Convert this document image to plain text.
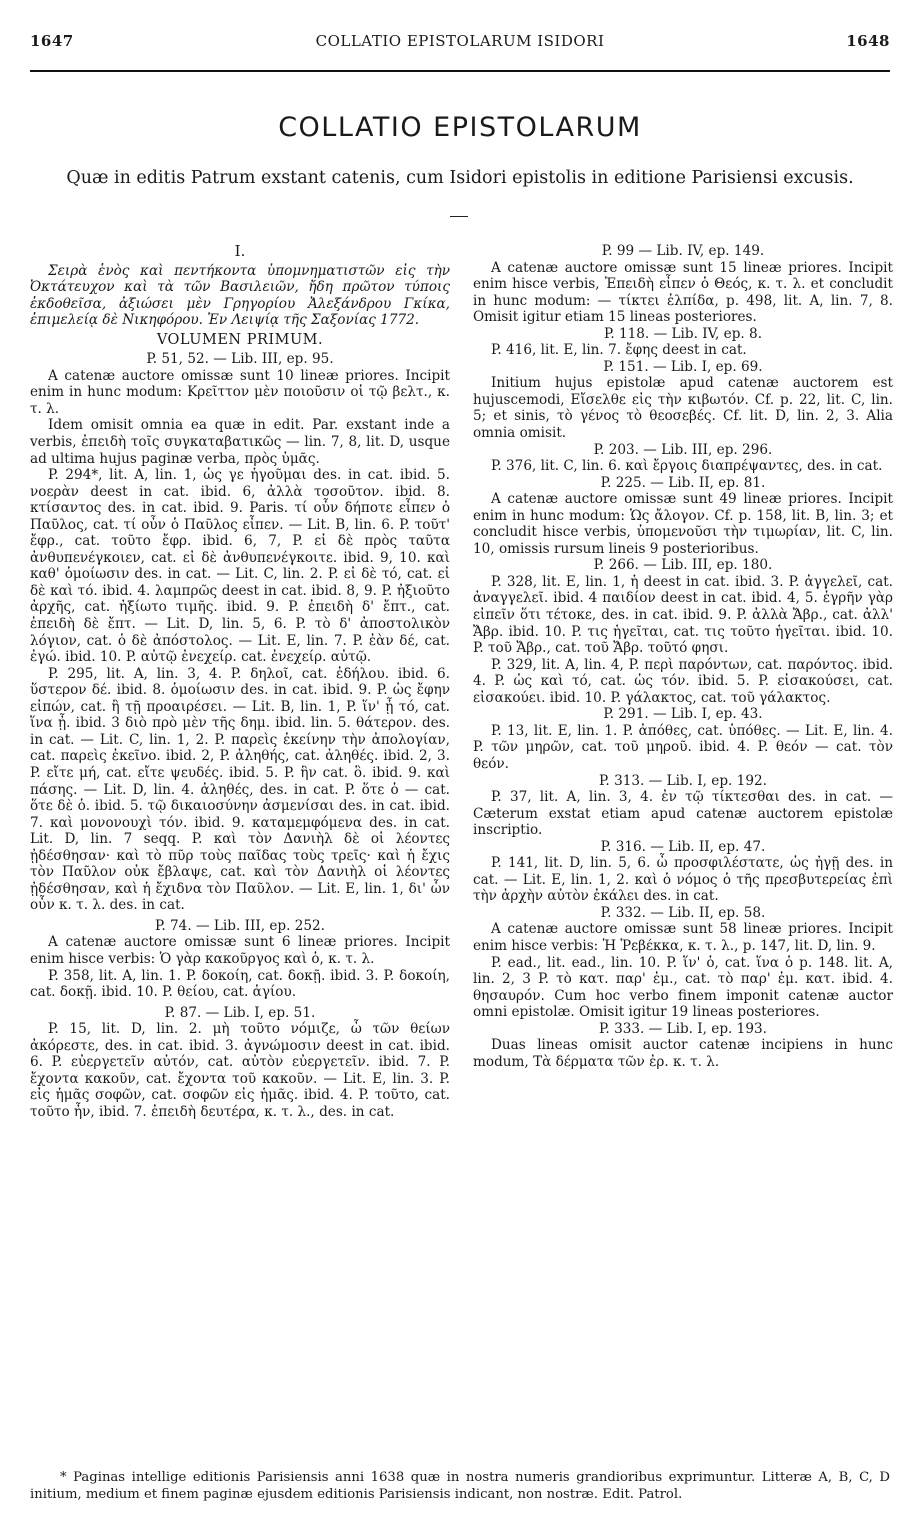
1647	COLLATIO EPISTOLARUM ISIDORI	1648
COLLATIO EPISTOLARUM
Quæ in editis Patrum exstant catenis, cum Isidori epistolis in editione Parisiensi excusis.

I.

Σειρὰ ἑνὸς καὶ πεντήκοντα ὑπομνηματιστῶν εἰς τὴν Ὀκτάτευχον καὶ τὰ τῶν Βασιλειῶν, ἤδη πρῶτον τύποις ἐκδοθεῖσα, ἀξιώσει μὲν Γρηγορίου Ἀλεξάνδρου Γκίκα, ἐπιμελείᾳ δὲ Νικηφόρου. Ἐν Λειψίᾳ τῆς Σαξονίας 1772.

VOLUMEN PRIMUM.

P. 51, 52. — Lib. III, ep. 95.

A catenæ auctore omissæ sunt 10 lineæ priores. Incipit enim in hunc modum: Κρεῖττον μὲν ποιοῦσιν οἱ τῷ βελτ., κ. τ. λ.

Idem omisit omnia ea quæ in edit. Par. exstant inde a verbis, ἐπειδὴ τοῖς συγκαταβατικῶς — lin. 7, 8, lit. D, usque ad ultima hujus paginæ verba, πρὸς ὑμᾶς.

P. 294*, lit. A, lin. 1, ὡς γε ἡγοῦμαι des. in cat. ibid. 5. νοερὰν deest in cat. ibid. 6, ἀλλὰ τοσοῦτον. ibid. 8. κτίσαντος des. in cat. ibid. 9. Paris. τί οὖν δήποτε εἶπεν ὁ Παῦλος, cat. τί οὖν ὁ Παῦλος εἶπεν. — Lit. B, lin. 6. P. τοῦτ' ἔφρ., cat. τοῦτο ἔφρ. ibid. 6, 7, P. εἰ δὲ πρὸς ταῦτα ἀνθυπενέγκοιεν, cat. εἰ δὲ ἀνθυπενέγκοιτε. ibid. 9, 10. καὶ καθ' ὁμοίωσιν des. in cat. — Lit. C, lin. 2. P. εἰ δὲ τό, cat. εἰ δὲ καὶ τό. ibid. 4. λαμπρῶς deest in cat. ibid. 8, 9. P. ἠξιοῦτο ἀρχῆς, cat. ἠξίωτο τιμῆς. ibid. 9. P. ἐπειδὴ δ' ἔπτ., cat. ἐπειδὴ δὲ ἔπτ. — Lit. D, lin. 5, 6. P. τὸ δ' ἀποστολικὸν λόγιον, cat. ὁ δὲ ἀπόστολος. — Lit. E, lin. 7. P. ἐὰν δέ, cat. ἐγώ. ibid. 10. P. αὐτῷ ἐνεχείρ. cat. ἐνεχείρ. αὐτῷ.

P. 295, lit. A, lin. 3, 4. P. δηλοῖ, cat. ἐδήλου. ibid. 6. ὕστερον δέ. ibid. 8. ὁμοίωσιν des. in cat. ibid. 9. P. ὡς ἔφην εἰπών, cat. ἢ τῇ προαιρέσει. — Lit. B, lin. 1, P. ἵν' ᾖ τό, cat. ἵνα ᾖ. ibid. 3 διὸ πρὸ μὲν τῆς δημ. ibid. lin. 5. θάτερον. des. in cat. — Lit. C, lin. 1, 2. P. παρεὶς ἐκείνην τὴν ἀπολογίαν, cat. παρεὶς ἐκεῖνο. ibid. 2, P. ἀληθής, cat. ἀληθές. ibid. 2, 3. P. εἴτε μή, cat. εἴτε ψευδές. ibid. 5. P. ἣν cat. ὃ. ibid. 9. καὶ πάσης. — Lit. D, lin. 4. ἀληθές, des. in cat. P. ὅτε ὁ — cat. ὅτε δὲ ὁ. ibid. 5. τῷ δικαιοσύνην ἀσμενίσαι des. in cat. ibid. 7. καὶ μονονουχὶ τόν. ibid. 9. καταμεμφόμενα des. in cat. Lit. D, lin. 7 seqq. P. καὶ τὸν Δανιὴλ δὲ οἱ λέοντες ᾐδέσθησαν· καὶ τὸ πῦρ τοὺς παῖδας τοὺς τρεῖς· καὶ ἡ ἔχις τὸν Παῦλον οὐκ ἔβλαψε, cat. καὶ τὸν Δανιὴλ οἱ λέοντες ᾐδέσθησαν, καὶ ἡ ἔχιδνα τὸν Παῦλον. — Lit. E, lin. 1, δι' ὧν οὖν κ. τ. λ. des. in cat.

P. 74. — Lib. III, ep. 252.

A catenæ auctore omissæ sunt 6 lineæ priores. Incipit enim hisce verbis: Ὁ γὰρ κακοῦργος καὶ ὁ, κ. τ. λ.

P. 358, lit. A, lin. 1. P. δοκοίη, cat. δοκῇ. ibid. 3. P. δοκοίη, cat. δοκῇ. ibid. 10. P. θείου, cat. ἁγίου.

P. 87. — Lib. I, ep. 51.

P. 15, lit. D, lin. 2. μὴ τοῦτο νόμιζε, ὦ τῶν θείων ἀκόρεστε, des. in cat. ibid. 3. ἀγνώμοσιν deest in cat. ibid. 6. P. εὐεργετεῖν αὐτόν, cat. αὐτὸν εὐεργετεῖν. ibid. 7. P. ἔχοντα κακοῦν, cat. ἔχοντα τοῦ κακοῦν. — Lit. E, lin. 3. P. εἰς ἡμᾶς σοφῶν, cat. σοφῶν εἰς ἡμᾶς. ibid. 4. P. τοῦτο, cat. τοῦτο ἦν, ibid. 7. ἐπειδὴ δευτέρα, κ. τ. λ., des. in cat.

P. 99 — Lib. IV, ep. 149.

A catenæ auctore omissæ sunt 15 lineæ priores. Incipit enim hisce verbis, Ἐπειδὴ εἶπεν ὁ Θεός, κ. τ. λ. et concludit in hunc modum: — τίκτει ἐλπίδα, p. 498, lit. A, lin. 7, 8. Omisit igitur etiam 15 lineas posteriores.

P. 118. — Lib. IV, ep. 8.

P. 416, lit. E, lin. 7. ἔφης deest in cat.

P. 151. — Lib. I, ep. 69.

Initium hujus epistolæ apud catenæ auctorem est hujuscemodi, Εἴσελθε εἰς τὴν κιβωτόν. Cf. p. 22, lit. C, lin. 5; et sinis, τὸ γένος τὸ θεοσεβές. Cf. lit. D, lin. 2, 3. Alia omnia omisit.

P. 203. — Lib. III, ep. 296.

P. 376, lit. C, lin. 6. καὶ ἔργοις διαπρέψαντες, des. in cat.

P. 225. — Lib. II, ep. 81.

A catenæ auctore omissæ sunt 49 lineæ priores. Incipit enim in hunc modum: Ὡς ἄλογον. Cf. p. 158, lit. B, lin. 3; et concludit hisce verbis, ὑπομενοῦσι τὴν τιμωρίαν, lit. C, lin. 10, omissis rursum lineis 9 posterioribus.

P. 266. — Lib. III, ep. 180.

P. 328, lit. E, lin. 1, ἡ deest in cat. ibid. 3. P. ἀγγελεῖ, cat. ἀναγγελεῖ. ibid. 4 παιδίον deest in cat. ibid. 4, 5. ἐγρῆν γὰρ εἰπεῖν ὅτι τέτοκε, des. in cat. ibid. 9. P. ἀλλὰ Ἄβρ., cat. ἀλλ' Ἄβρ. ibid. 10. P. τις ἡγεῖται, cat. τις τοῦτο ἡγεῖται. ibid. 10. P. τοῦ Ἄβρ., cat. τοῦ Ἄβρ. τοῦτό φησι.

P. 329, lit. A, lin. 4, P. περὶ παρόντων, cat. παρόντος. ibid. 4. P. ὡς καὶ τό, cat. ὡς τόν. ibid. 5. P. εἰσακούσει, cat. εἰσακούει. ibid. 10. P. γάλακτος, cat. τοῦ γάλακτος.

P. 291. — Lib. I, ep. 43.

P. 13, lit. E, lin. 1. P. ἀπόθες, cat. ὑπόθες. — Lit. E, lin. 4. P. τῶν μηρῶν, cat. τοῦ μηροῦ. ibid. 4. P. θεόν — cat. τὸν θεόν.

P. 313. — Lib. I, ep. 192.

P. 37, lit. A, lin. 3, 4. ἐν τῷ τίκτεσθαι des. in cat. — Cæterum exstat etiam apud catenæ auctorem epistolæ inscriptio.

P. 316. — Lib. II, ep. 47.

P. 141, lit. D, lin. 5, 6. ὦ προσφιλέστατε, ὡς ἠγῇ des. in cat. — Lit. E, lin. 1, 2. καὶ ὁ νόμος ὁ τῆς πρεσβυτερείας ἐπὶ τὴν ἀρχὴν αὐτὸν ἐκάλει des. in cat.

P. 332. — Lib. II, ep. 58.

A catenæ auctore omissæ sunt 58 lineæ priores. Incipit enim hisce verbis: Ἡ Ῥεβέκκα, κ. τ. λ., p. 147, lit. D, lin. 9.

P. ead., lit. ead., lin. 10. P. ἵν' ὁ, cat. ἵνα ὁ p. 148. lit. A, lin. 2, 3 P. τὸ κατ. παρ' ἐμ., cat. τὸ παρ' ἐμ. κατ. ibid. 4. θησαυρόν. Cum hoc verbo finem imponit catenæ auctor omni epistolæ. Omisit igitur 19 lineas posteriores.

P. 333. — Lib. I, ep. 193.

Duas lineas omisit auctor catenæ incipiens in hunc modum, Τὰ δέρματα τῶν ἐρ. κ. τ. λ.

* Paginas intellige editionis Parisiensis anni 1638 quæ in nostra numeris grandioribus exprimuntur. Litteræ A, B, C, D initium, medium et finem paginæ ejusdem editionis Parisiensis indicant, non nostræ. Edit. Patrol.
